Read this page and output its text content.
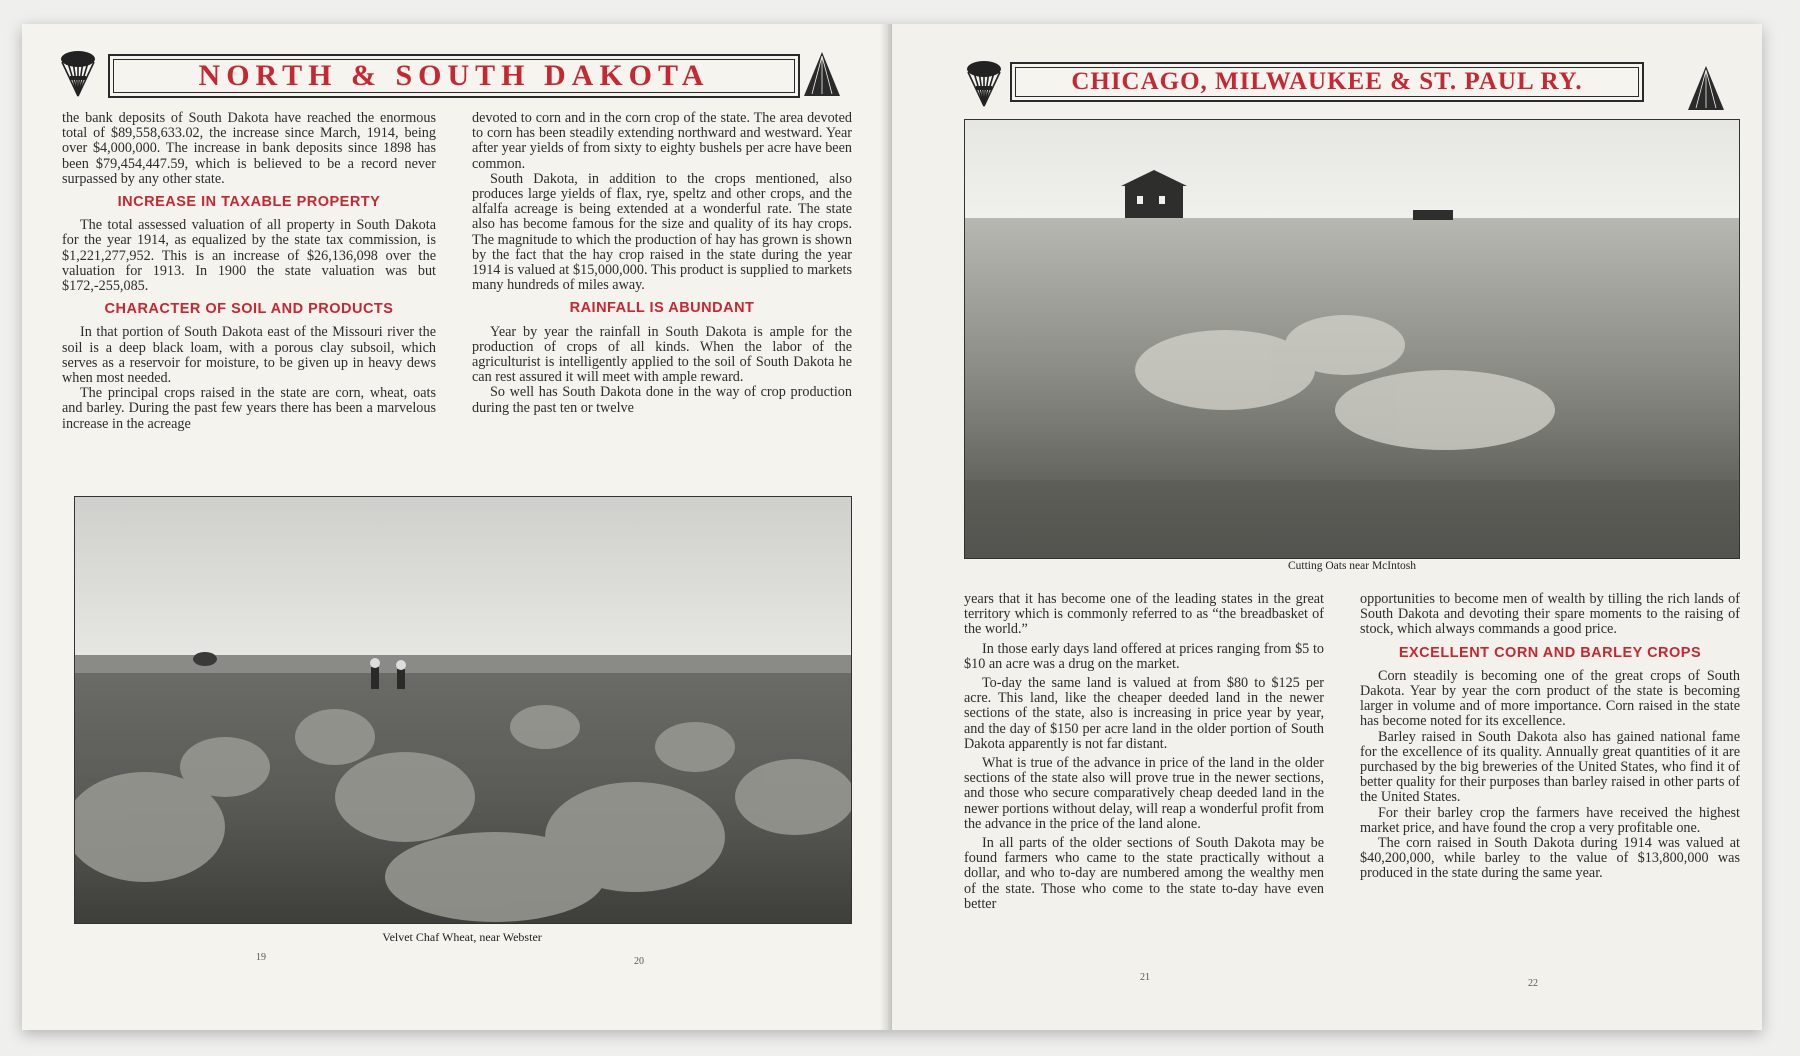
NORTH & SOUTH DAKOTA

the bank deposits of South Dakota have reached the enormous total of $89,558,633.02, the increase since March, 1914, being over $4,000,000. The increase in bank deposits since 1898 has been $79,454,447.59, which is believed to be a record never surpassed by any other state.

INCREASE IN TAXABLE PROPERTY

The total assessed valuation of all property in South Dakota for the year 1914, as equalized by the state tax commission, is $1,221,277,952. This is an increase of $26,136,098 over the valuation for 1913. In 1900 the state valuation was but $172,-255,085.

CHARACTER OF SOIL AND PRODUCTS

In that portion of South Dakota east of the Missouri river the soil is a deep black loam, with a porous clay subsoil, which serves as a reservoir for moisture, to be given up in heavy dews when most needed.

The principal crops raised in the state are corn, wheat, oats and barley. During the past few years there has been a marvelous increase in the acreage

devoted to corn and in the corn crop of the state. The area devoted to corn has been steadily extending northward and westward. Year after year yields of from sixty to eighty bushels per acre have been common.

South Dakota, in addition to the crops mentioned, also produces large yields of flax, rye, speltz and other crops, and the alfalfa acreage is being extended at a wonderful rate. The state also has become famous for the size and quality of its hay crops. The magnitude to which the production of hay has grown is shown by the fact that the hay crop raised in the state during the year 1914 is valued at $15,000,000. This product is supplied to markets many hundreds of miles away.

RAINFALL IS ABUNDANT

Year by year the rainfall in South Dakota is ample for the production of crops of all kinds. When the labor of the agriculturist is intelligently applied to the soil of South Dakota he can rest assured it will meet with ample reward.

So well has South Dakota done in the way of crop production during the past ten or twelve

Velvet Chaf Wheat, near Webster
19	20
CHICAGO, MILWAUKEE & ST. PAUL RY.
Cutting Oats near McIntosh

years that it has become one of the leading states in the great territory which is commonly referred to as “the breadbasket of the world.”

In those early days land offered at prices ranging from $5 to $10 an acre was a drug on the market.

To-day the same land is valued at from $80 to $125 per acre. This land, like the cheaper deeded land in the newer sections of the state, also is increasing in price year by year, and the day of $150 per acre land in the older portion of South Dakota apparently is not far distant.

What is true of the advance in price of the land in the older sections of the state also will prove true in the newer sections, and those who secure comparatively cheap deeded land in the newer portions without delay, will reap a wonderful profit from the advance in the price of the land alone.

In all parts of the older sections of South Dakota may be found farmers who came to the state practically without a dollar, and who to-day are numbered among the wealthy men of the state. Those who come to the state to-day have even better

opportunities to become men of wealth by tilling the rich lands of South Dakota and devoting their spare moments to the raising of stock, which always commands a good price.

EXCELLENT CORN AND BARLEY CROPS

Corn steadily is becoming one of the great crops of South Dakota. Year by year the corn product of the state is becoming larger in volume and of more importance. Corn raised in the state has become noted for its excellence.

Barley raised in South Dakota also has gained national fame for the excellence of its quality. Annually great quantities of it are purchased by the big breweries of the United States, who find it of better quality for their purposes than barley raised in other parts of the United States.

For their barley crop the farmers have received the highest market price, and have found the crop a very profitable one.

The corn raised in South Dakota during 1914 was valued at $40,200,000, while barley to the value of $13,800,000 was produced in the state during the same year.

21
22
